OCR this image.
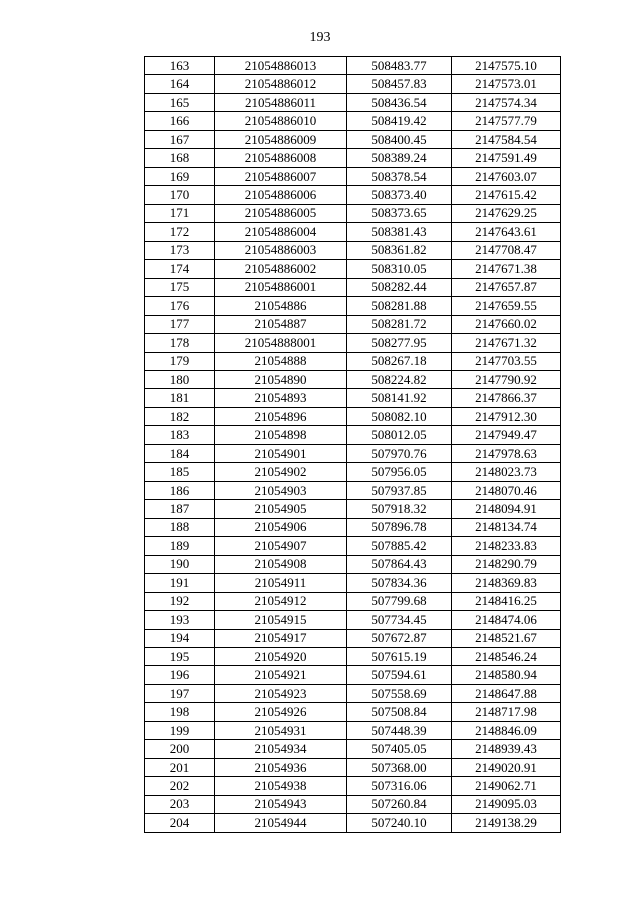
193
163	21054886013	508483.77	2147575.10
164	21054886012	508457.83	2147573.01
165	21054886011	508436.54	2147574.34
166	21054886010	508419.42	2147577.79
167	21054886009	508400.45	2147584.54
168	21054886008	508389.24	2147591.49
169	21054886007	508378.54	2147603.07
170	21054886006	508373.40	2147615.42
171	21054886005	508373.65	2147629.25
172	21054886004	508381.43	2147643.61
173	21054886003	508361.82	2147708.47
174	21054886002	508310.05	2147671.38
175	21054886001	508282.44	2147657.87
176	21054886	508281.88	2147659.55
177	21054887	508281.72	2147660.02
178	21054888001	508277.95	2147671.32
179	21054888	508267.18	2147703.55
180	21054890	508224.82	2147790.92
181	21054893	508141.92	2147866.37
182	21054896	508082.10	2147912.30
183	21054898	508012.05	2147949.47
184	21054901	507970.76	2147978.63
185	21054902	507956.05	2148023.73
186	21054903	507937.85	2148070.46
187	21054905	507918.32	2148094.91
188	21054906	507896.78	2148134.74
189	21054907	507885.42	2148233.83
190	21054908	507864.43	2148290.79
191	21054911	507834.36	2148369.83
192	21054912	507799.68	2148416.25
193	21054915	507734.45	2148474.06
194	21054917	507672.87	2148521.67
195	21054920	507615.19	2148546.24
196	21054921	507594.61	2148580.94
197	21054923	507558.69	2148647.88
198	21054926	507508.84	2148717.98
199	21054931	507448.39	2148846.09
200	21054934	507405.05	2148939.43
201	21054936	507368.00	2149020.91
202	21054938	507316.06	2149062.71
203	21054943	507260.84	2149095.03
204	21054944	507240.10	2149138.29
